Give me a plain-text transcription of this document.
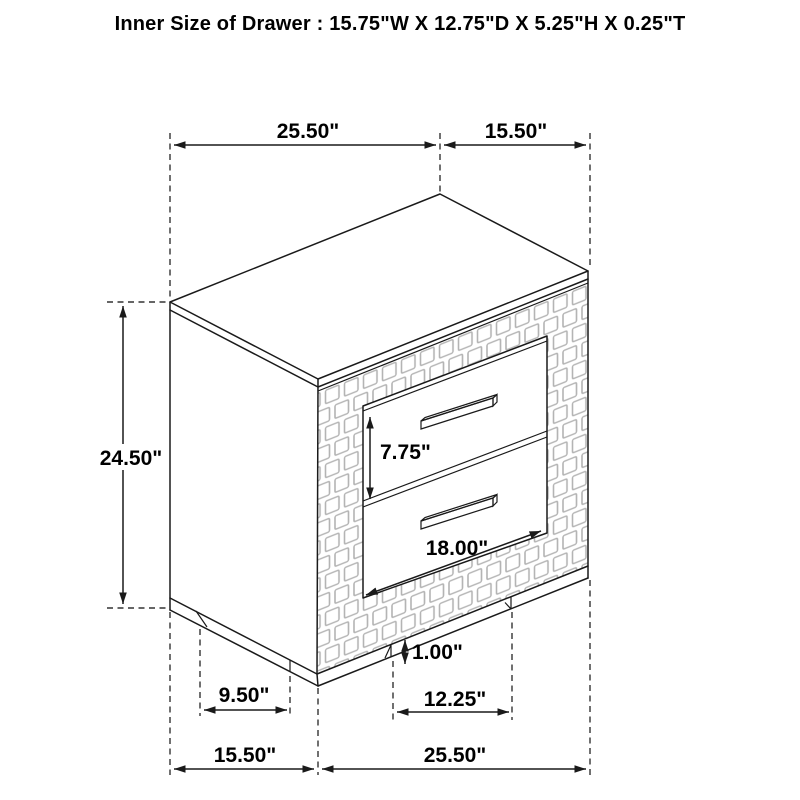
Inner Size of Drawer : 15.75"W X 12.75"D X 5.25"H X 0.25"T
25.50"	15.50"
24.50"	7.75"
18.00"
1.00"
9.50"	12.25"
15.50"	25.50"
